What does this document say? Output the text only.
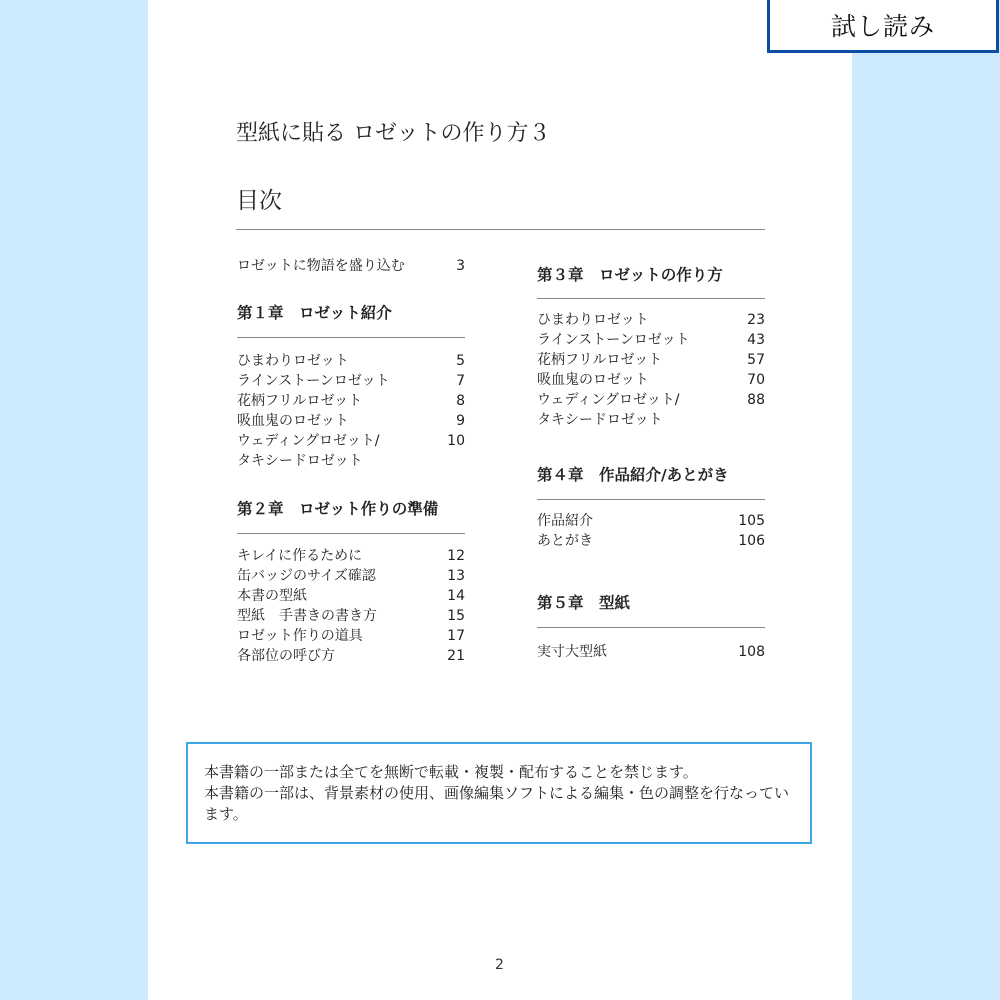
試し読み
型紙に貼る ロゼットの作り方３
目次
ロゼットに物語を盛り込む	3
第１章　ロゼット紹介
ひまわりロゼット	5
ラインストーンロゼット	7
花柄フリルロゼット	8
吸血鬼のロゼット	9
ウェディングロゼット/	10
タキシードロゼット
第２章　ロゼット作りの準備
キレイに作るために	12
缶バッジのサイズ確認	13
本書の型紙	14
型紙　手書きの書き方	15
ロゼット作りの道具	17
各部位の呼び方	21
第３章　ロゼットの作り方
ひまわりロゼット	23
ラインストーンロゼット	43
花柄フリルロゼット	57
吸血鬼のロゼット	70
ウェディングロゼット/	88
タキシードロゼット
第４章　作品紹介/あとがき
作品紹介	105
あとがき	106
第５章　型紙
実寸大型紙	108
本書籍の一部または全てを無断で転載・複製・配布することを禁じます。
本書籍の一部は、背景素材の使用、画像編集ソフトによる編集・色の調整を行なっています。
2
